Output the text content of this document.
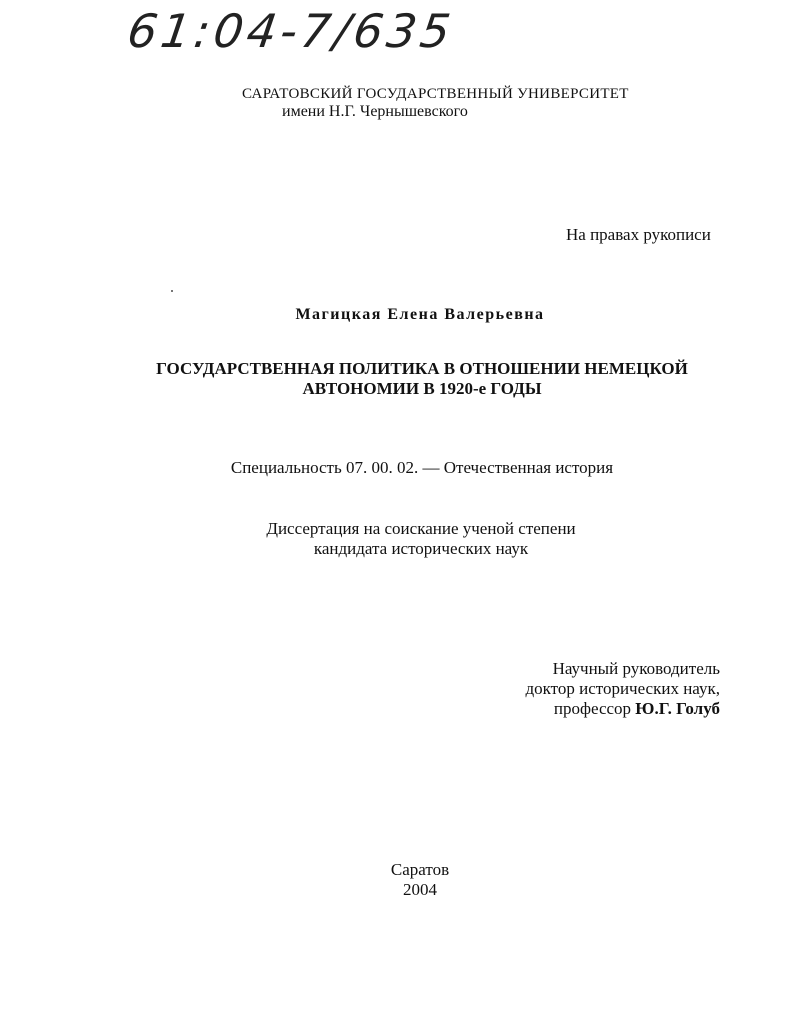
61:04-7/635
САРАТОВСКИЙ ГОСУДАРСТВЕННЫЙ УНИВЕРСИТЕТ
имени Н.Г. Чернышевского
На правах рукописи
Магицкая Елена Валерьевна
ГОСУДАРСТВЕННАЯ ПОЛИТИКА В ОТНОШЕНИИ НЕМЕЦКОЙ
АВТОНОМИИ В 1920-е ГОДЫ
Специальность 07. 00. 02. — Отечественная история
Диссертация на соискание ученой степени
кандидата исторических наук
Научный руководитель
доктор исторических наук,
профессор Ю.Г. Голуб
Саратов
2004
